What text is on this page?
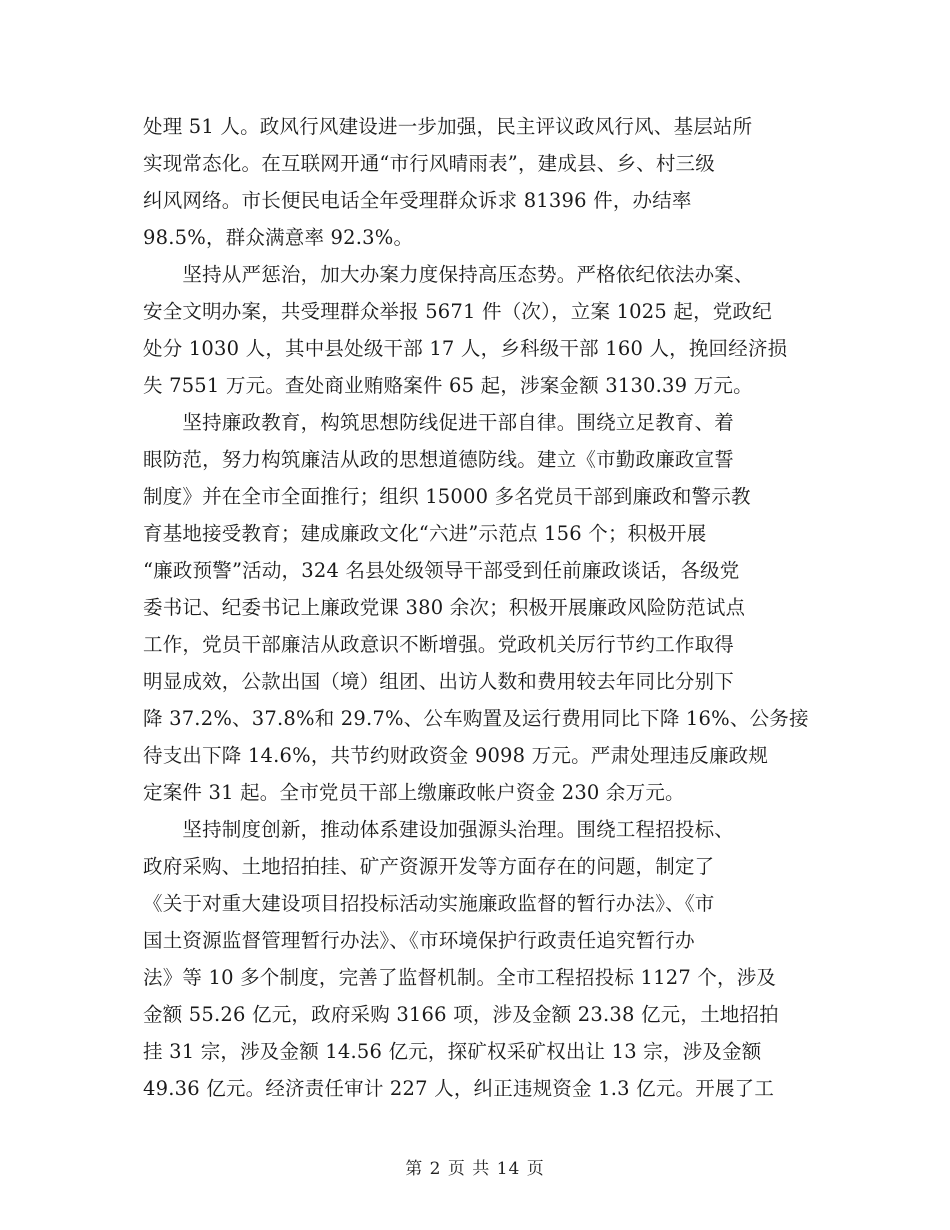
处理 51 人。政风行风建设进一步加强，民主评议政风行风、基层站所
实现常态化。在互联网开通“市行风晴雨表”，建成县、乡、村三级
纠风网络。市长便民电话全年受理群众诉求 81396 件，办结率
98.5%，群众满意率 92.3%。
　　坚持从严惩治，加大办案力度保持高压态势。严格依纪依法办案、
安全文明办案，共受理群众举报 5671 件（次），立案 1025 起，党政纪
处分 1030 人，其中县处级干部 17 人，乡科级干部 160 人，挽回经济损
失 7551 万元。查处商业贿赂案件 65 起，涉案金额 3130.39 万元。
　　坚持廉政教育，构筑思想防线促进干部自律。围绕立足教育、着
眼防范，努力构筑廉洁从政的思想道德防线。建立《市勤政廉政宣誓
制度》并在全市全面推行；组织 15000 多名党员干部到廉政和警示教
育基地接受教育；建成廉政文化“六进”示范点 156 个；积极开展
“廉政预警”活动，324 名县处级领导干部受到任前廉政谈话，各级党
委书记、纪委书记上廉政党课 380 余次；积极开展廉政风险防范试点
工作，党员干部廉洁从政意识不断增强。党政机关厉行节约工作取得
明显成效，公款出国（境）组团、出访人数和费用较去年同比分别下
降 37.2%、37.8%和 29.7%、公车购置及运行费用同比下降 16%、公务接
待支出下降 14.6%，共节约财政资金 9098 万元。严肃处理违反廉政规
定案件 31 起。全市党员干部上缴廉政帐户资金 230 余万元。
　　坚持制度创新，推动体系建设加强源头治理。围绕工程招投标、
政府采购、土地招拍挂、矿产资源开发等方面存在的问题，制定了
《关于对重大建设项目招投标活动实施廉政监督的暂行办法》、《市
国土资源监督管理暂行办法》、《市环境保护行政责任追究暂行办
法》等 10 多个制度，完善了监督机制。全市工程招投标 1127 个，涉及
金额 55.26 亿元，政府采购 3166 项，涉及金额 23.38 亿元，土地招拍
挂 31 宗，涉及金额 14.56 亿元，探矿权采矿权出让 13 宗，涉及金额
49.36 亿元。经济责任审计 227 人，纠正违规资金 1.3 亿元。开展了工
第 2 页 共 14 页
